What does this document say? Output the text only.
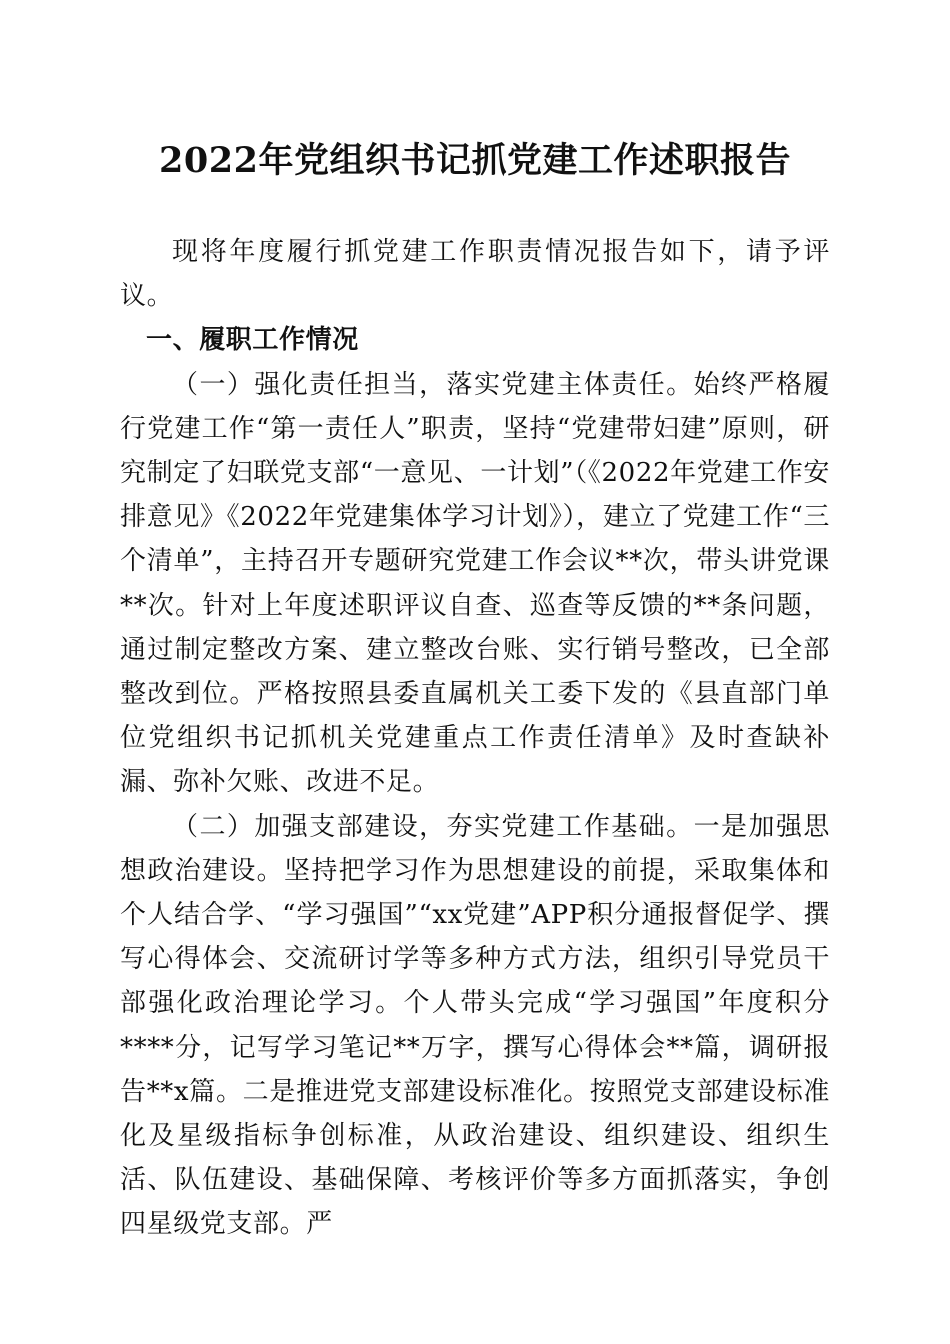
2022年党组织书记抓党建工作述职报告

现将年度履行抓党建工作职责情况报告如下，请予评议。

一、履职工作情况

（一）强化责任担当，落实党建主体责任。始终严格履行党建工作“第一责任人”职责，坚持“党建带妇建”原则，研究制定了妇联党支部“一意见、一计划”（《2022年党建工作安排意见》《2022年党建集体学习计划》），建立了党建工作“三个清单”，主持召开专题研究党建工作会议**次，带头讲党课**次。针对上年度述职评议自查、巡查等反馈的**条问题，通过制定整改方案、建立整改台账、实行销号整改，已全部整改到位。严格按照县委直属机关工委下发的《县直部门单位党组织书记抓机关党建重点工作责任清单》及时查缺补漏、弥补欠账、改进不足。

（二）加强支部建设，夯实党建工作基础。一是加强思想政治建设。坚持把学习作为思想建设的前提，采取集体和个人结合学、“学习强国”“xx党建”APP积分通报督促学、撰写心得体会、交流研讨学等多种方式方法，组织引导党员干部强化政治理论学习。个人带头完成“学习强国”年度积分****分，记写学习笔记**万字，撰写心得体会**篇，调研报告**x篇。二是推进党支部建设标准化。按照党支部建设标准化及星级指标争创标准，从政治建设、组织建设、组织生活、队伍建设、基础保障、考核评价等多方面抓落实，争创四星级党支部。严
